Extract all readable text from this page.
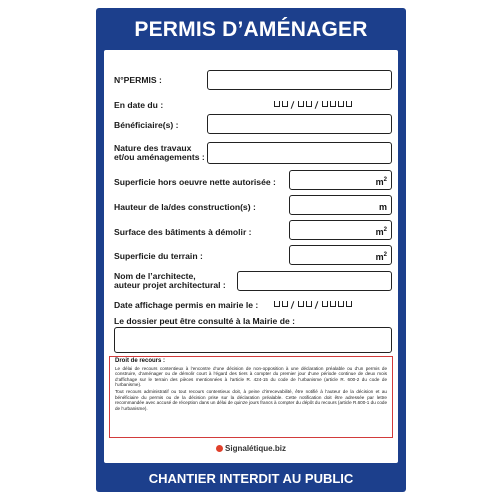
PERMIS D’AMÉNAGER
N°PERMIS :
En date du :
Bénéficiaire(s) :
Nature des travaux
et/ou aménagements :
Superficie hors oeuvre nette autorisée :	$m^2$
Hauteur de la/des construction(s) :	m
Surface des bâtiments à démolir :	$m^2$
Superficie du terrain :	$m^2$
Nom de l’architecte,
auteur projet architectural :
Date affichage permis en mairie le :
Le dossier peut être consulté à la Mairie de :
Droit de recours :

Le délai de recours contentieux à l’encontre d’une décision de non-opposition à une déclaration préalable ou d’un permis de construire, d’aménager ou de démolir court à l’égard des tiers à compter du premier jour d’une période continue de deux mois d’affichage sur le terrain des pièces mentionnées à l’article R. 424-15 du code de l’urbanisme (article R. 600-2 du code de l’urbanisme).

Tout recours administratif ou tout recours contentieux doit, à peine d’irrecevabilité, être notifié à l’auteur de la décision et au bénéficiaire du permis ou de la décision prise sur la déclaration préalable. Cette notification doit être adressée par lettre recommandée avec accusé de réception dans un délai de quinze jours francs à compter du dépôt du recours (article R.600-1 du code de l’urbanisme).

Signalétique.biz
CHANTIER INTERDIT AU PUBLIC
